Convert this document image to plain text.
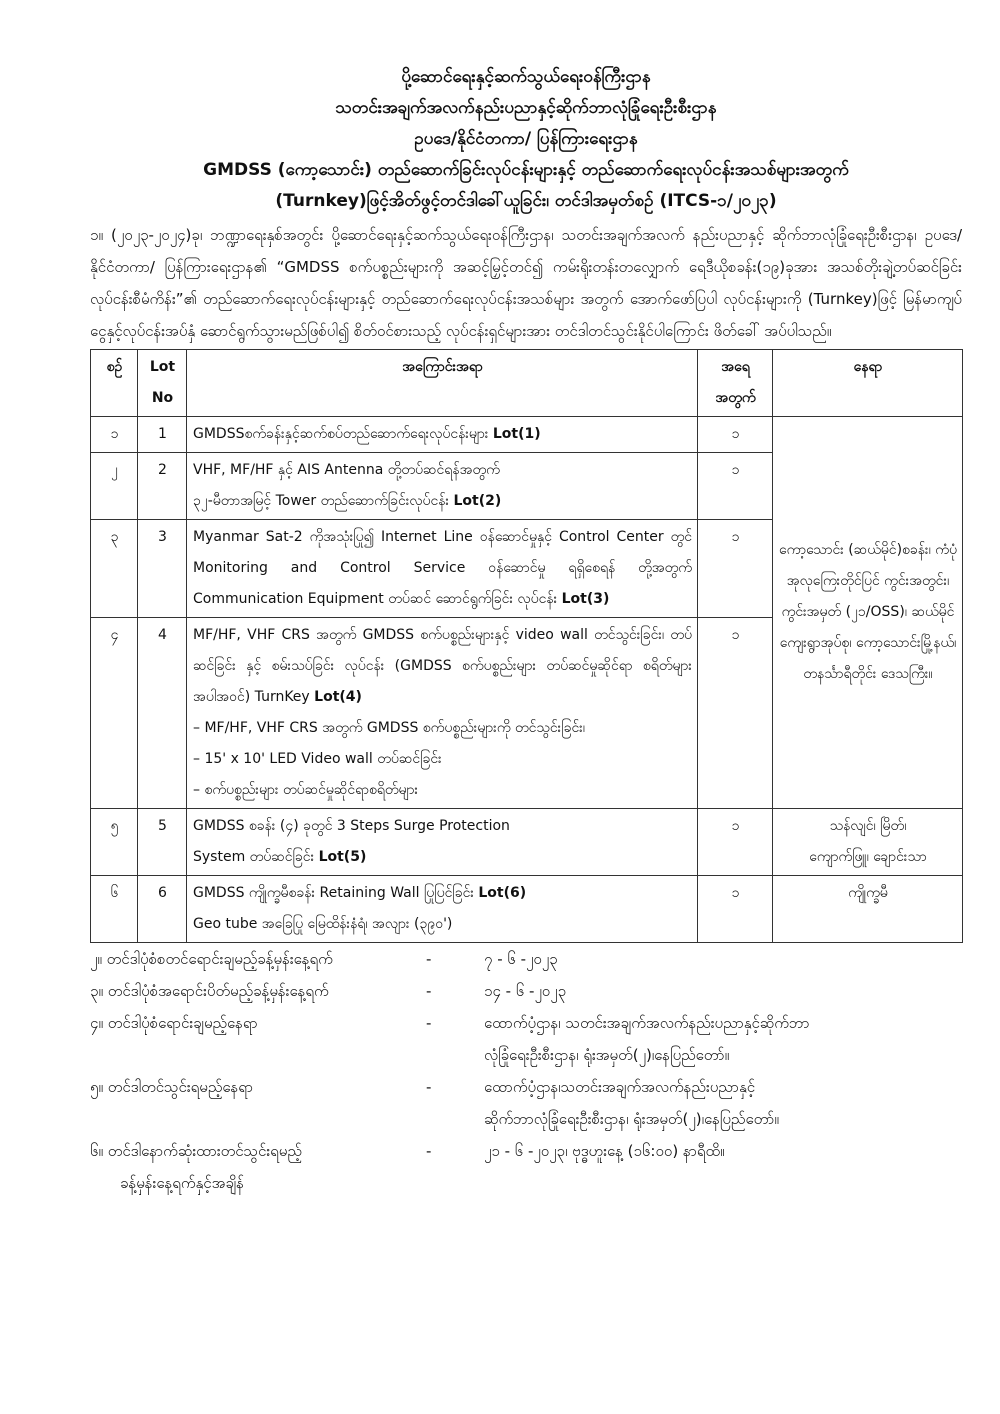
ပို့ဆောင်ရေးနှင့်ဆက်သွယ်ရေးဝန်ကြီးဌာန
သတင်းအချက်အလက်နည်းပညာနှင့်ဆိုက်ဘာလုံခြုံရေးဦးစီးဌာန
ဥပဒေ/နိုင်ငံတကာ/ ပြန်ကြားရေးဌာန
GMDSS (ကော့သောင်း) တည်ဆောက်ခြင်းလုပ်ငန်းများနှင့် တည်ဆောက်ရေးလုပ်ငန်းအသစ်များအတွက်
(Turnkey)ဖြင့်အိတ်ဖွင့်တင်ဒါခေါ်ယူခြင်း၊ တင်ဒါအမှတ်စဉ် (ITCS-၁/၂၀၂၃)
၁။ (၂၀၂၃-၂၀၂၄)ခု၊ ဘဏ္ဍာရေးနှစ်အတွင်း ပို့ဆောင်ရေးနှင့်ဆက်သွယ်ရေးဝန်ကြီးဌာန၊ သတင်းအချက်အလက် နည်းပညာနှင့် ဆိုက်ဘာလုံခြုံရေးဦးစီးဌာန၊ ဥပဒေ/နိုင်ငံတကာ/ ပြန်ကြားရေးဌာန၏ “GMDSS စက်ပစ္စည်းများကို အဆင့်မြှင့်တင်၍ ကမ်းရိုးတန်းတလျှောက် ရေဒီယိုစခန်း(၁၉)ခုအား အသစ်တိုးချဲ့တပ်ဆင်ခြင်းလုပ်ငန်းစီမံကိန်း”၏ တည်ဆောက်ရေးလုပ်ငန်းများနှင့် တည်ဆောက်ရေးလုပ်ငန်းအသစ်များ အတွက် အောက်ဖော်ပြပါ လုပ်ငန်းများကို (Turnkey)ဖြင့် မြန်မာကျပ်ငွေနှင့်လုပ်ငန်းအပ်နှံ ဆောင်ရွက်သွားမည်ဖြစ်ပါ၍ စိတ်ဝင်စားသည့် လုပ်ငန်းရှင်များအား တင်ဒါတင်သွင်းနိုင်ပါကြောင်း ဖိတ်ခေါ် အပ်ပါသည်။
စဉ်	Lot
No	အကြောင်းအရာ	အရေ
အတွက်	နေရာ
၁	1	GMDSSစက်ခန်းနှင့်ဆက်စပ်တည်ဆောက်ရေးလုပ်ငန်းများ Lot(1)	၁	ကော့သောင်း (ဆယ်မိုင်)စခန်း၊ ကံပုံအုလုကြေးတိုင်ပြင် ကွင်းအတွင်း၊ ကွင်းအမှတ် (၂၁/OSS)၊ ဆယ်မိုင်ကျေးရွာအုပ်စု၊ ကော့သောင်းမြို့နယ်၊ တနင်္သာရီတိုင်း ဒေသကြီး။
၂	2	VHF, MF/HF နှင့် AIS Antenna တို့တပ်ဆင်ရန်အတွက်
၃၂-မီတာအမြင့် Tower တည်ဆောက်ခြင်းလုပ်ငန်း Lot(2)	၁	
၃	3	Myanmar Sat-2 ကိုအသုံးပြု၍ Internet Line ဝန်ဆောင်မှုနှင့် Control Center တွင် Monitoring and Control Service ဝန်ဆောင်မှု ရရှိစေရန် တို့အတွက် Communication Equipment တပ်ဆင် ဆောင်ရွက်ခြင်း လုပ်ငန်း Lot(3)	၁	
၄	4	MF/HF, VHF CRS အတွက် GMDSS စက်ပစ္စည်းများနှင့် video wall တင်သွင်းခြင်း၊ တပ်ဆင်ခြင်း နှင့် စမ်းသပ်ခြင်း လုပ်ငန်း (GMDSS စက်ပစ္စည်းများ တပ်ဆင်မှုဆိုင်ရာ စရိတ်များ အပါအဝင်) TurnKey Lot(4)
– MF/HF, VHF CRS အတွက် GMDSS စက်ပစ္စည်းများကို တင်သွင်းခြင်း၊
– 15' x 10' LED Video wall တပ်ဆင်ခြင်း
– စက်ပစ္စည်းများ တပ်ဆင်မှုဆိုင်ရာစရိတ်များ	၁	
၅	5	GMDSS စခန်း (၄) ခုတွင် 3 Steps Surge Protection
System တပ်ဆင်ခြင်း Lot(5)	၁	သန်လျင်၊ မြိတ်၊
ကျောက်ဖြူ၊ ချောင်းသာ

၆	6	GMDSS ကျိုက္ခမီစခန်း Retaining Wall ပြုပြင်ခြင်း Lot(6)
Geo tube အခြေပြု မြေထိန်းနံရံ၊ အလျား (၃၉၀')	၁	ကျိုက္ခမီ
၂။ တင်ဒါပုံစံစတင်ရောင်းချမည့်ခန့်မှန်းနေ့ရက်	-	၇ - ၆ -၂၀၂၃
၃။ တင်ဒါပုံစံအရောင်းပိတ်မည့်ခန့်မှန်းနေ့ရက်	-	၁၄ - ၆ -၂၀၂၃
၄။ တင်ဒါပုံစံရောင်းချမည့်နေရာ	-	ထောက်ပံ့ဌာန၊ သတင်းအချက်အလက်နည်းပညာနှင့်ဆိုက်ဘာ
လုံခြုံရေးဦးစီးဌာန၊ ရုံးအမှတ်(၂)၊နေပြည်တော်။
၅။ တင်ဒါတင်သွင်းရမည့်နေရာ	-	ထောက်ပံ့ဌာန၊သတင်းအချက်အလက်နည်းပညာနှင့်
ဆိုက်ဘာလုံခြုံရေးဦးစီးဌာန၊ ရုံးအမှတ်(၂)၊နေပြည်တော်။
၆။ တင်ဒါနောက်ဆုံးထားတင်သွင်းရမည့်
ခန့်မှန်းနေ့ရက်နှင့်အချိန်
-	၂၁ - ၆ -၂၀၂၃၊ ဗုဒ္ဓဟူးနေ့ (၁၆:၀၀) နာရီထိ။
